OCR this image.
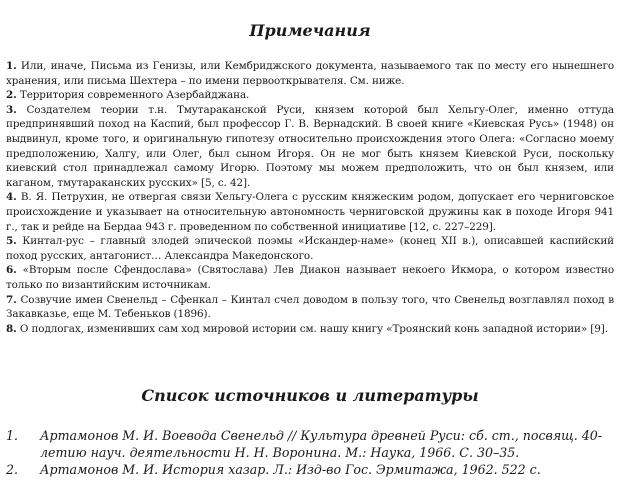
Примечания

1. Или, иначе, Письма из Генизы, или Кембриджского документа, называемого так по месту его нынешнего хранения, или письма Шехтера – по имени первооткрывателя. См. ниже.

2. Территория современного Азербайджана.

3. Создателем теории т.н. Тмутараканской Руси, князем которой был Хельгу-Олег, именно оттуда предпринявший поход на Каспий, был профессор Г. В. Вернадский. В своей книге «Киевская Русь» (1948) он выдвинул, кроме того, и оригинальную гипотезу относительно происхождения этого Олега: «Согласно моему предположению, Халгу, или Олег, был сыном Игоря. Он не мог быть князем Киевской Руси, поскольку киевский стол принадлежал самому Игорю. Поэтому мы можем предположить, что он был князем, или каганом, тмутараканских русских» [5, с. 42].

4. В. Я. Петрухин, не отвергая связи Хельгу-Олега с русским княжеским родом, допускает его черниговское происхождение и указывает на относительную автономность черниговской дружины как в походе Игоря 941 г., так и рейде на Бердаа 943 г. проведенном по собственной инициативе [12, с. 227–229].

5. Кинтал-рус – главный злодей эпической поэмы «Искандер-наме» (конец XII в.), описавшей каспийский поход русских, антагонист… Александра Македонского.

6. «Вторым после Сфендослава» (Святослава) Лев Диакон называет некоего Икмора, о котором известно только по византийским источникам.

7. Созвучие имен Свенельд – Сфенкал – Кинтал счел доводом в пользу того, что Свенельд возглавлял поход в Закавказье, еще М. Тебеньков (1896).

8. О подлогах, изменивших сам ход мировой истории см. нашу книгу «Троянский конь западной истории» [9].

Список источников и литературы
1. Артамонов М. И. Воевода Свенельд // Культура древней Руси: сб. ст., посвящ. 40-летию науч. деятельности Н. Н. Воронина. М.: Наука, 1966. С. 30–35.
2. Артамонов М. И. История хазар. Л.: Изд-во Гос. Эрмитажа, 1962. 522 с.
